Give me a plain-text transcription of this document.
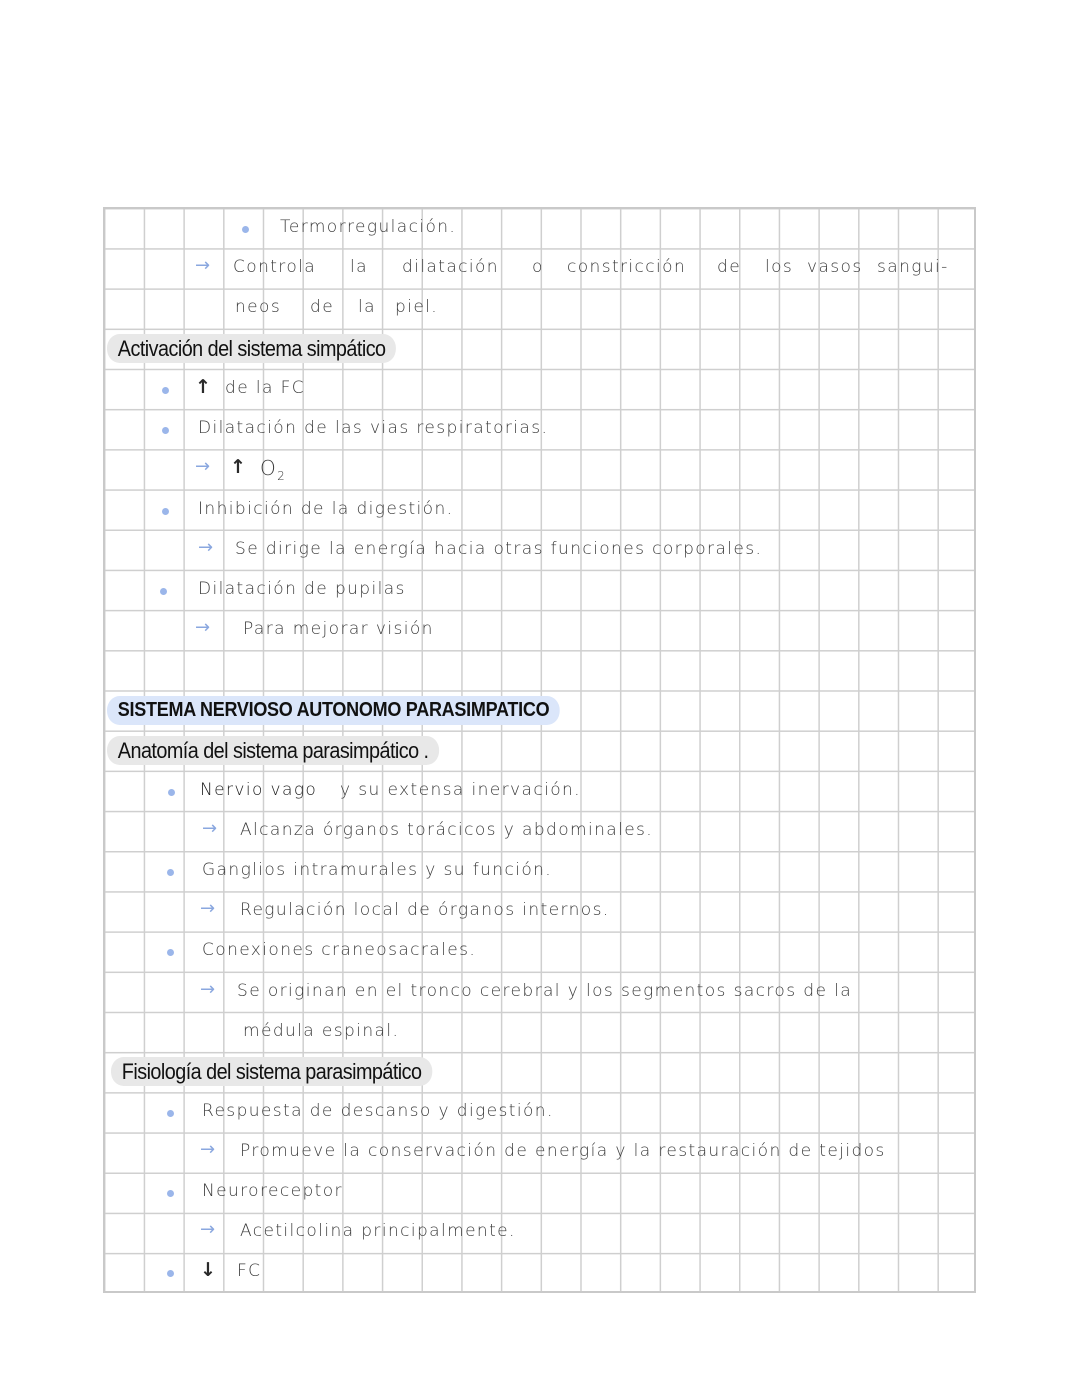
Termorregulación.
→ Controla la dilatación o constricción de los vasos sangui-
neos de la piel.
Activación del sistema simpático
↑ de la FC
Dilatación de las vias respiratorias.
→ ↑ $O_2$
Inhibición de la digestión.
→ Se dirige la energía hacia otras funciones corporales.
Dilatación de pupilas
→ Para mejorar visión
SISTEMA NERVIOSO AUTONOMO PARASIMPATICO
Anatomía del sistema parasimpático .
Nervio vago y su extensa inervación.
→ Alcanza órganos torácicos y abdominales.
Ganglios intramurales y su función.
→ Regulación local de órganos internos.
Conexiones craneosacrales.
→ Se originan en el tronco cerebral y los segmentos sacros de la
médula espinal.
Fisiología del sistema parasimpático
Respuesta de descanso y digestión.
→ Promueve la conservación de energía y la restauración de tejidos
Neuroreceptor
→ Acetilcolina principalmente.
↓ FC
